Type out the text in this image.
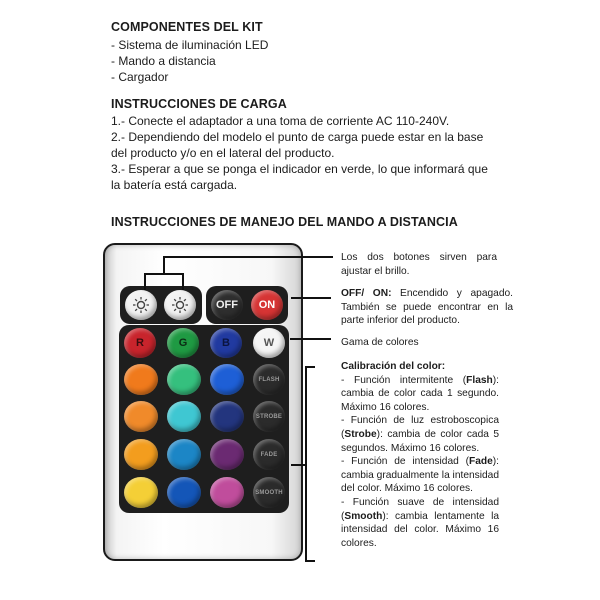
COMPONENTES DEL KIT
- Sistema de iluminación LED
- Mando a distancia
- Cargador
INSTRUCCIONES DE CARGA
1.- Conecte el adaptador a una toma de corriente AC 110-240V.
2.- Dependiendo del modelo el punto de carga puede estar en la base
del producto y/o en el lateral del producto.
3.- Esperar a que se ponga el indicador en verde, lo que informará que
la batería está cargada.
INSTRUCCIONES DE MANEJO DEL MANDO A DISTANCIA
OFF ON
R	G	B	W
FLASH
STROBE
FADE
SMOOTH
Los dos botones sirven para ajustar el brillo.
OFF/ ON: Encendido y apagado. También se puede encontrar en la parte inferior del producto.
Gama de colores
Calibración del color:
- Función intermitente (Flash): cambia de color cada 1 segundo. Máximo 16 colores.
- Función de luz estroboscopica (Strobe): cambia de color cada 5 segundos. Máximo 16 colores.
- Función de intensidad (Fade): cambia gradualmente la intensidad del color. Máximo 16 colores.
- Función suave de intensidad (Smooth): cambia lentamente la intensidad del color. Máximo 16 colores.
